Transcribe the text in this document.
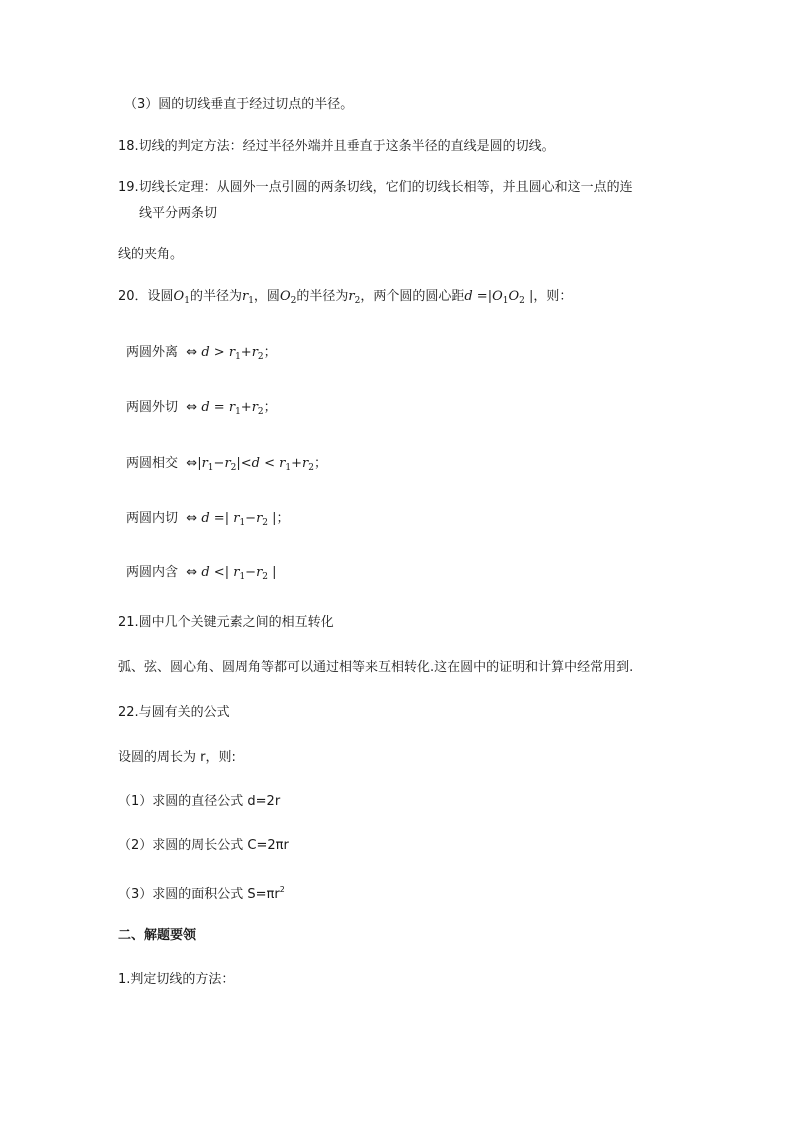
（3）圆的切线垂直于经过切点的半径。
18.切线的判定方法：经过半径外端并且垂直于这条半径的直线是圆的切线。
19.切线长定理：从圆外一点引圆的两条切线，它们的切线长相等，并且圆心和这一点的连
线平分两条切
线的夹角。
20．设圆$O_1$的半径为$r_1$，圆$O_2$的半径为$r_2$，两个圆的圆心距$d =|O_1O_2$ |，则：
两圆外离 ⇔ $d > r_1+r_2$；
两圆外切 ⇔ $d = r_1+r_2$；
两圆相交 $\Leftrightarrow|r_1-r_2|<d < r_1+r_2$；
两圆内切 ⇔ d =| $r_1-r_2$ |；
两圆内含 ⇔ d <| $r_1-r_2$ |
21.圆中几个关键元素之间的相互转化
弧、弦、圆心角、圆周角等都可以通过相等来互相转化.这在圆中的证明和计算中经常用到.
22.与圆有关的公式
设圆的周长为 r，则:
（1）求圆的直径公式 d=2r
（2）求圆的周长公式 C=2πr
（3）求圆的面积公式 $S=\pi r^2$
二、解题要领
1.判定切线的方法：
